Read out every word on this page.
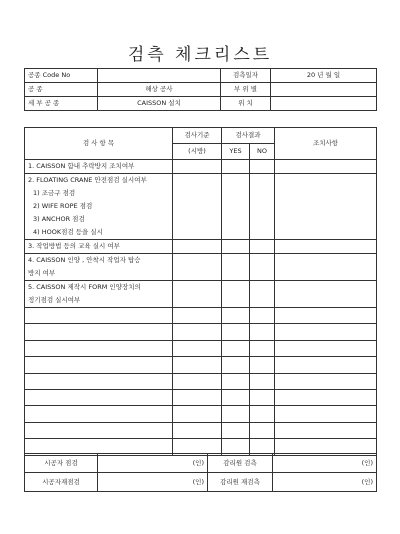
검측 체크리스트
공종 Code No		검측일자	20 년 월 일
공 종	해상 공사	부 위 별	
세 부 공 종	CAISSON 설치	위 치	
검 사 항 목	검사기준	검사결과		조치사항
	(시방)	YES	NO	
1. CAISSON 함내 추락방지 조치여부				
2. FLOATING CRANE 안전점검 실시여부				
1) 조금구 점검				
2) WIFE ROPE 점검				
3) ANCHOR 점검				
4) HOOK점검 등을 실시				
3. 작업방법 등의 교육 실시 여부				
4. CAISSON 인양 , 안착시 작업자 탑승				
방지 여부				
5. CAISSON 제작시 FORM 인양장치의				
정기점검 실시여부				

시공자 점검	(인)	감리원 검측	(인)
시공자재점검	(인)	감리원 재검측	(인)
